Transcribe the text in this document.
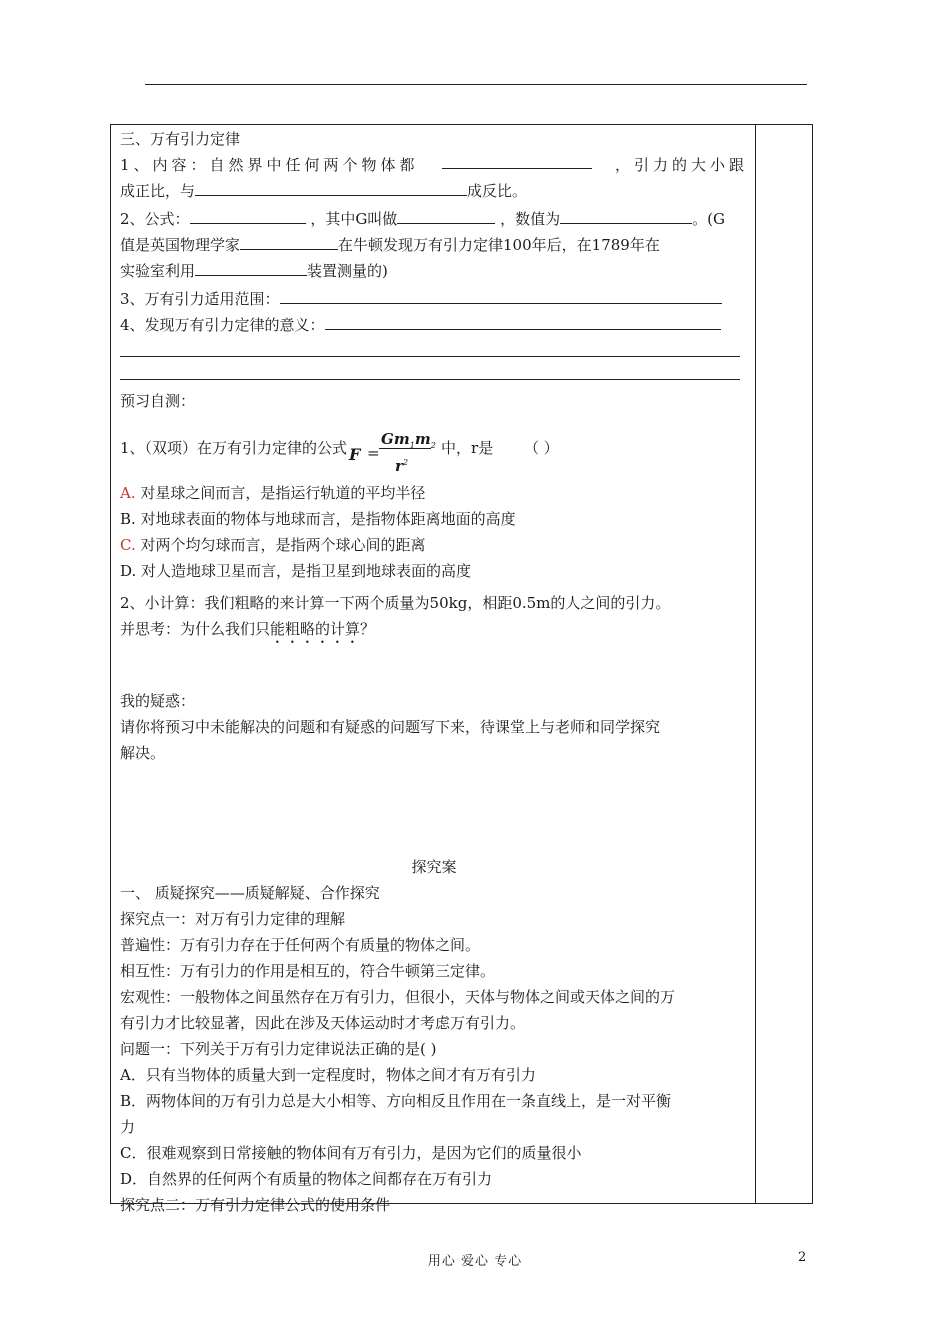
三、万有引力定律
1、内容：自然界中任何两个物体都	，引力的大小跟
成正比，与	成反比。
2、公式：	，其中G叫做	，数值为	。(G
值是英国物理学家	在牛顿发现万有引力定律100年后，在1789年在
实验室利用	装置测量的)
3、万有引力适用范围：
4、发现万有引力定律的意义：
预习自测：
1、（双项）在万有引力定律的公式 F =
$Gm_1m_2$
$r^2$
中，r是 （ ）
A. 对星球之间而言，是指运行轨道的平均半径
B. 对地球表面的物体与地球而言，是指物体距离地面的高度
C. 对两个均匀球而言，是指两个球心间的距离
D. 对人造地球卫星而言，是指卫星到地球表面的高度
2、小计算：我们粗略的来计算一下两个质量为50kg，相距0.5m的人之间的引力。
并思考：为什么我们只能粗略的计算？
我的疑惑：
请你将预习中未能解决的问题和有疑惑的问题写下来，待课堂上与老师和同学探究
解决。
探究案
一、 质疑探究——质疑解疑、合作探究
探究点一：对万有引力定律的理解
普遍性：万有引力存在于任何两个有质量的物体之间。
相互性：万有引力的作用是相互的，符合牛顿第三定律。
宏观性：一般物体之间虽然存在万有引力，但很小，天体与物体之间或天体之间的万
有引力才比较显著，因此在涉及天体运动时才考虑万有引力。
问题一：下列关于万有引力定律说法正确的是( )
A．只有当物体的质量大到一定程度时，物体之间才有万有引力
B．两物体间的万有引力总是大小相等、方向相反且作用在一条直线上，是一对平衡
力
C．很难观察到日常接触的物体间有万有引力，是因为它们的质量很小
D．自然界的任何两个有质量的物体之间都存在万有引力
探究点二：万有引力定律公式的使用条件
用心 爱心 专心	2
